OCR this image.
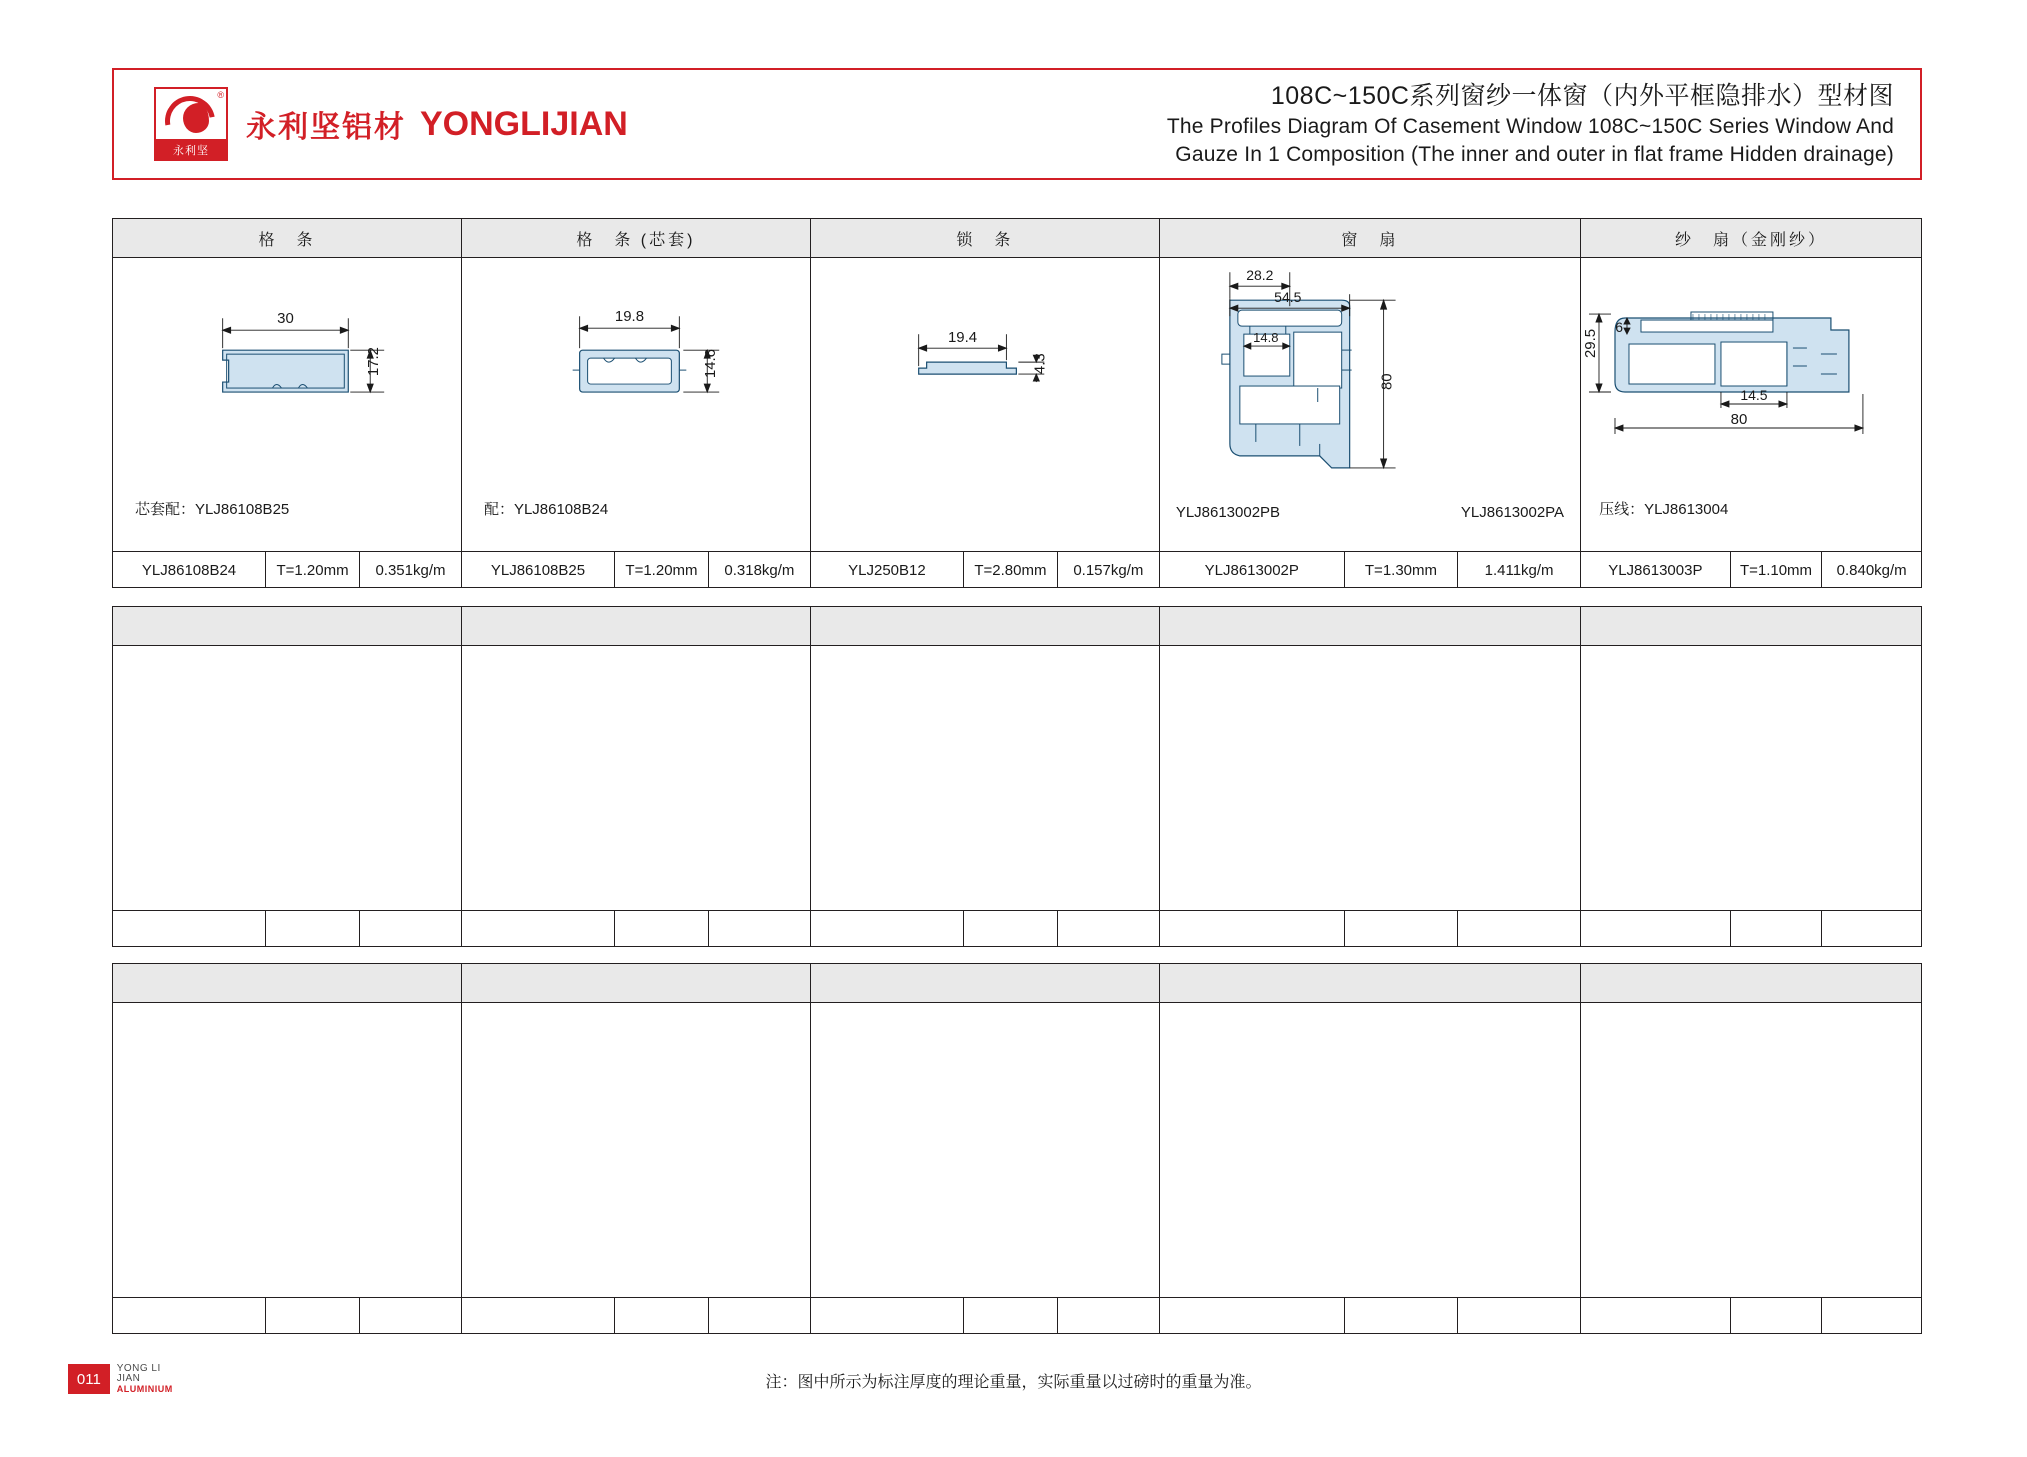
®
永利坚
永利坚铝材 YONGLIJIAN
108C~150C系列窗纱一体窗（内外平框隐排水）型材图
The Profiles Diagram Of Casement Window 108C~150C Series Window And
Gauze In 1 Composition (The inner and outer in flat frame Hidden drainage)
格　条	格　条 (芯套)	锁　条	窗　扇	纱　扇（金刚纱）
30
17.2
芯套配：YLJ86108B25
19.8
14.6
配：YLJ86108B24
19.4
4.3
28.2
54.5
14.8
80
YLJ8613002PB	YLJ8613002PA
29.5
6
14.5
80
压线：YLJ8613004
YLJ86108B24	T=1.20mm	0.351kg/m	YLJ86108B25	T=1.20mm	0.318kg/m	YLJ250B12	T=2.80mm	0.157kg/m	YLJ8613002P	T=1.30mm	1.411kg/m	YLJ8613003P	T=1.10mm	0.840kg/m
011
YONG LI JIAN
ALUMINIUM	注：图中所示为标注厚度的理论重量，实际重量以过磅时的重量为准。
